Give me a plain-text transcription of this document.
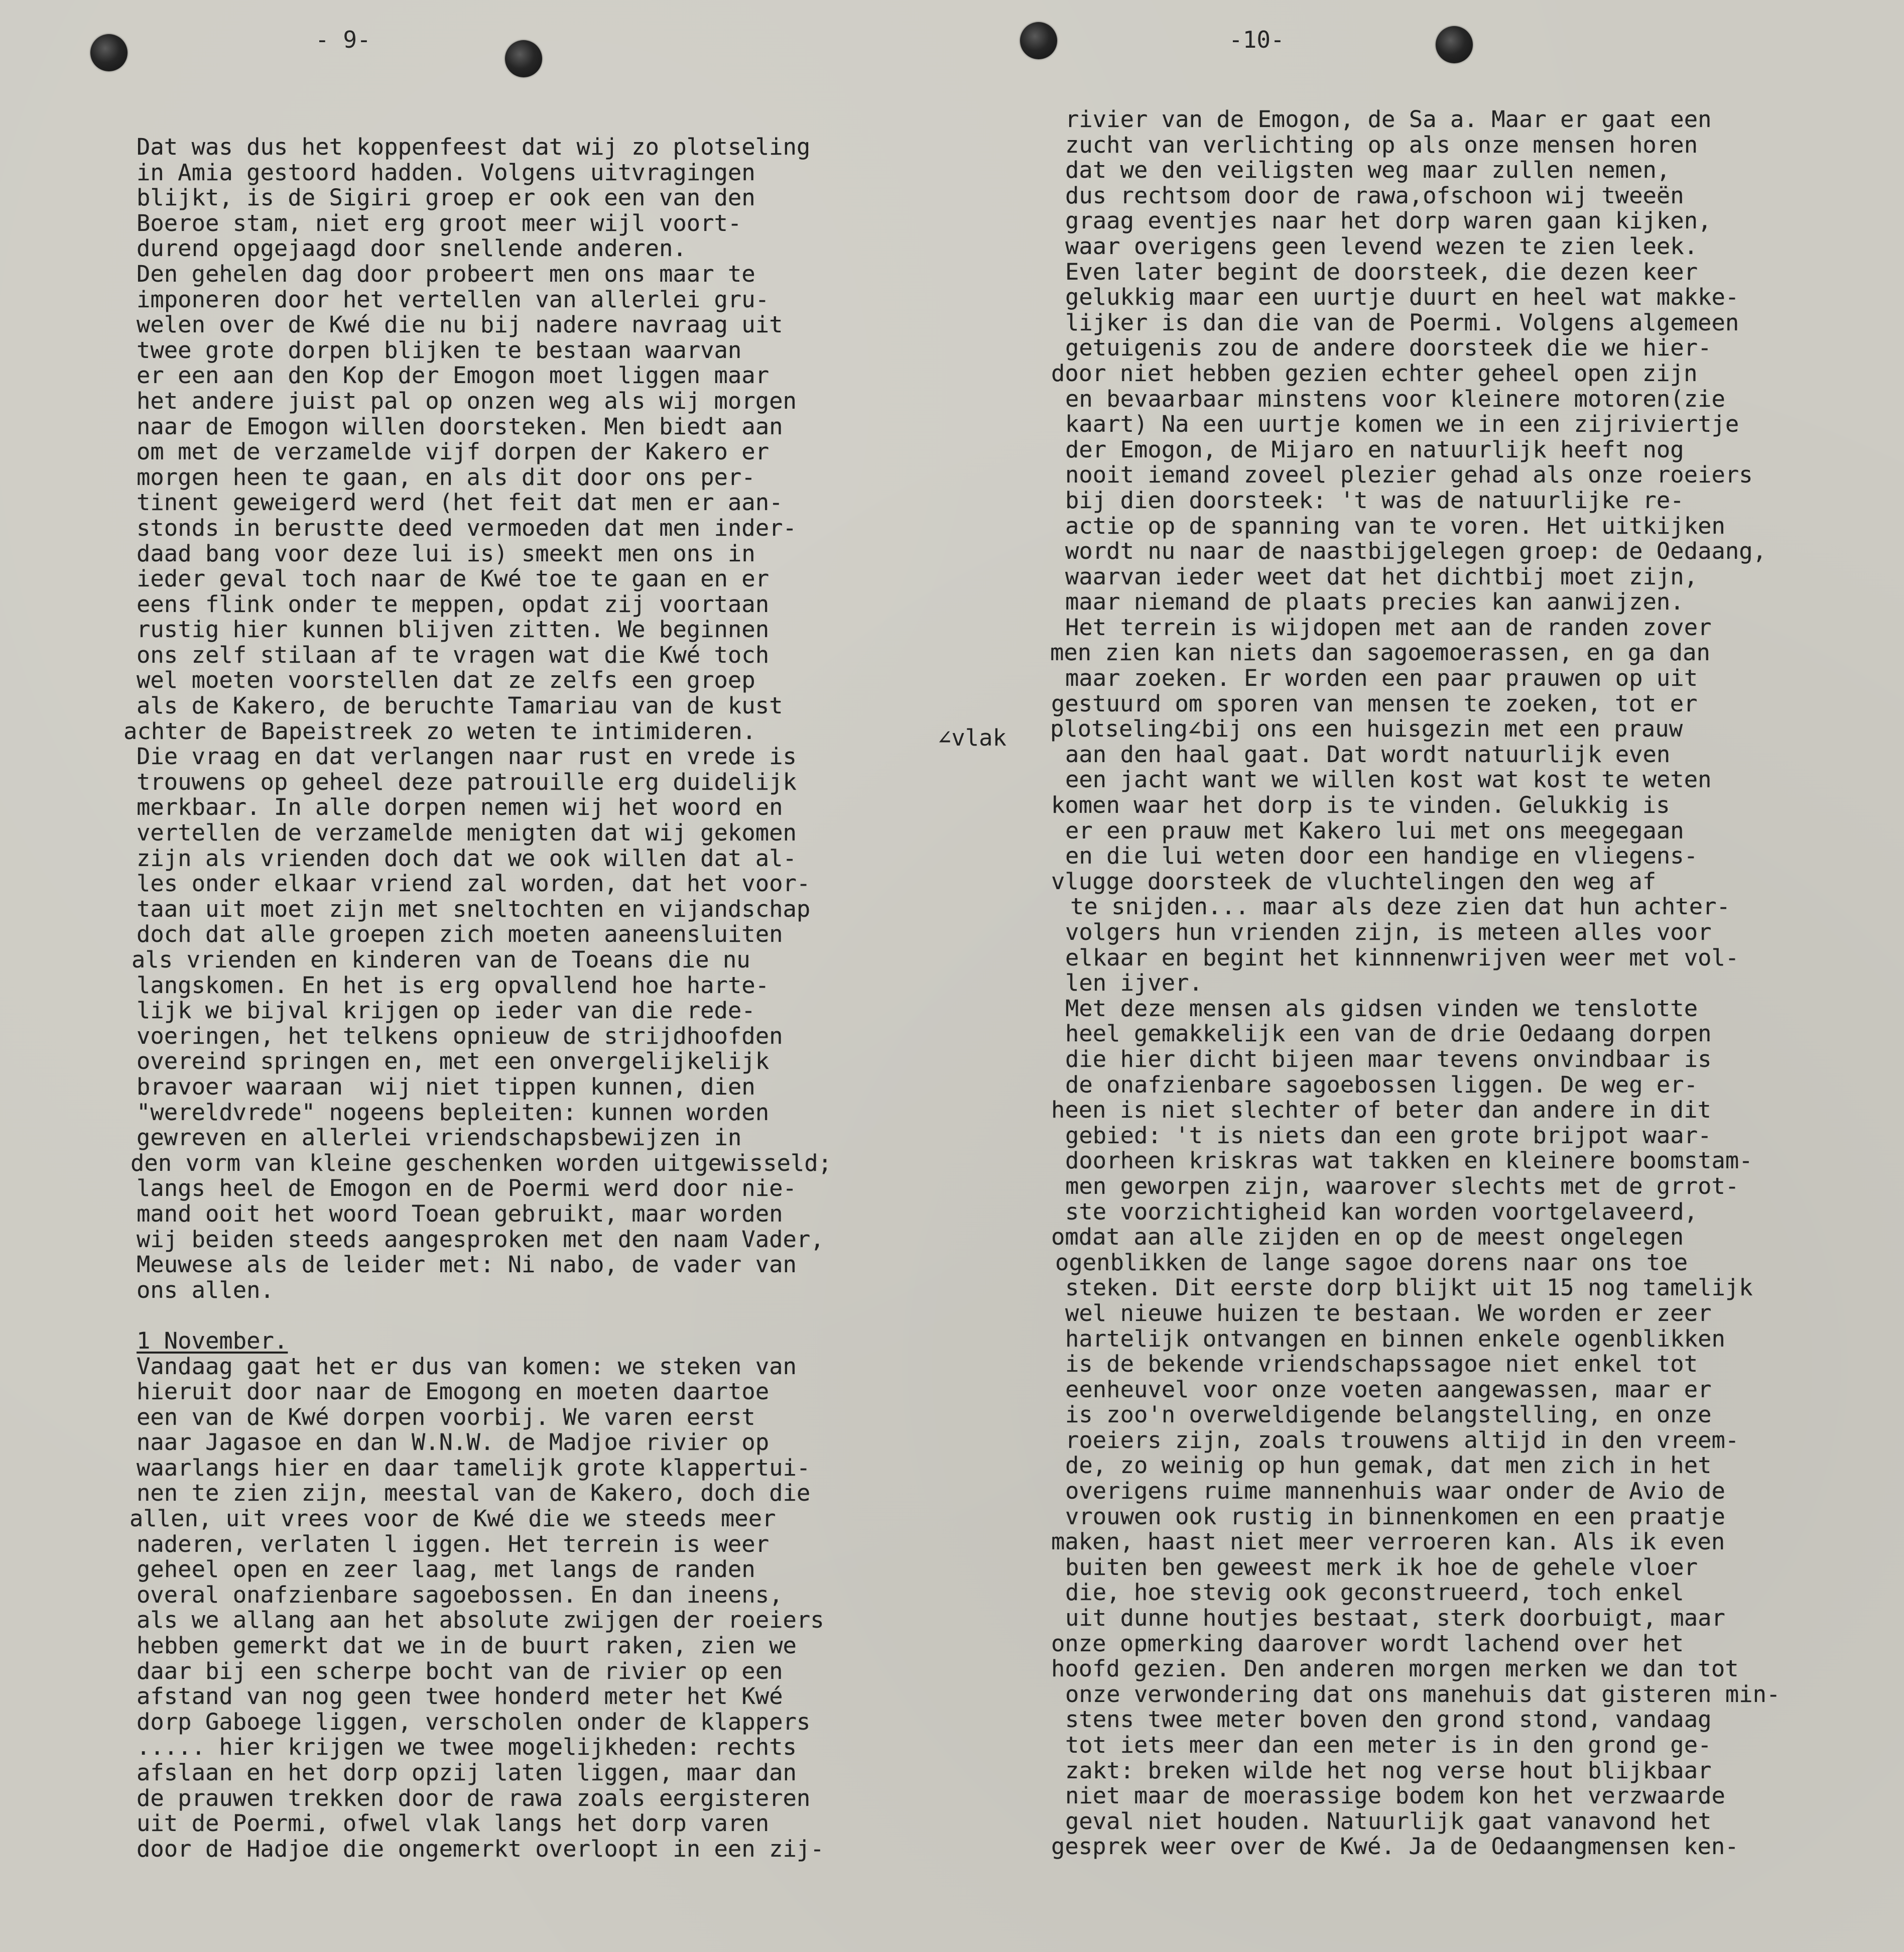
- 9-	-10-
Dat was dus het koppenfeest dat wij zo plotseling
in Amia gestoord hadden. Volgens uitvragingen
blijkt, is de Sigiri groep er ook een van den
Boeroe stam, niet erg groot meer wijl voort-
durend opgejaagd door snellende anderen.
Den gehelen dag door probeert men ons maar te
imponeren door het vertellen van allerlei gru-
welen over de Kwé die nu bij nadere navraag uit
twee grote dorpen blijken te bestaan waarvan
er een aan den Kop der Emogon moet liggen maar
het andere juist pal op onzen weg als wij morgen
naar de Emogon willen doorsteken. Men biedt aan
om met de verzamelde vijf dorpen der Kakero er
morgen heen te gaan, en als dit door ons per-
tinent geweigerd werd (het feit dat men er aan-
stonds in berustte deed vermoeden dat men inder-
daad bang voor deze lui is) smeekt men ons in
ieder geval toch naar de Kwé toe te gaan en er
eens flink onder te meppen, opdat zij voortaan
rustig hier kunnen blijven zitten. We beginnen
ons zelf stilaan af te vragen wat die Kwé toch
wel moeten voorstellen dat ze zelfs een groep
als de Kakero, de beruchte Tamariau van de kust
achter de Bapeistreek zo weten te intimideren.
Die vraag en dat verlangen naar rust en vrede is
trouwens op geheel deze patrouille erg duidelijk
merkbaar. In alle dorpen nemen wij het woord en
vertellen de verzamelde menigten dat wij gekomen
zijn als vrienden doch dat we ook willen dat al-
les onder elkaar vriend zal worden, dat het voor-
taan uit moet zijn met sneltochten en vijandschap
doch dat alle groepen zich moeten aaneensluiten
als vrienden en kinderen van de Toeans die nu
langskomen. En het is erg opvallend hoe harte-
lijk we bijval krijgen op ieder van die rede-
voeringen, het telkens opnieuw de strijdhoofden
overeind springen en, met een onvergelijkelijk
bravoer waaraan  wij niet tippen kunnen, dien
"wereldvrede" nogeens bepleiten: kunnen worden
gewreven en allerlei vriendschapsbewijzen in
den vorm van kleine geschenken worden uitgewisseld;
langs heel de Emogon en de Poermi werd door nie-
mand ooit het woord Toean gebruikt, maar worden
wij beiden steeds aangesproken met den naam Vader,
Meuwese als de leider met: Ni nabo, de vader van
ons allen.
1 November.
Vandaag gaat het er dus van komen: we steken van
hieruit door naar de Emogong en moeten daartoe
een van de Kwé dorpen voorbij. We varen eerst
naar Jagasoe en dan W.N.W. de Madjoe rivier op
waarlangs hier en daar tamelijk grote klappertui-
nen te zien zijn, meestal van de Kakero, doch die
allen, uit vrees voor de Kwé die we steeds meer
naderen, verlaten l iggen. Het terrein is weer
geheel open en zeer laag, met langs de randen
overal onafzienbare sagoebossen. En dan ineens,
als we allang aan het absolute zwijgen der roeiers
hebben gemerkt dat we in de buurt raken, zien we
daar bij een scherpe bocht van de rivier op een
afstand van nog geen twee honderd meter het Kwé
dorp Gaboege liggen, verscholen onder de klappers
..... hier krijgen we twee mogelijkheden: rechts
afslaan en het dorp opzij laten liggen, maar dan
de prauwen trekken door de rawa zoals eergisteren
uit de Poermi, ofwel vlak langs het dorp varen
door de Hadjoe die ongemerkt overloopt in een zij-
rivier van de Emogon, de Sa a. Maar er gaat een
zucht van verlichting op als onze mensen horen
dat we den veiligsten weg maar zullen nemen,
dus rechtsom door de rawa,ofschoon wij tweeën
graag eventjes naar het dorp waren gaan kijken,
waar overigens geen levend wezen te zien leek.
Even later begint de doorsteek, die dezen keer
gelukkig maar een uurtje duurt en heel wat makke-
lijker is dan die van de Poermi. Volgens algemeen
getuigenis zou de andere doorsteek die we hier-
door niet hebben gezien echter geheel open zijn
en bevaarbaar minstens voor kleinere motoren(zie
kaart) Na een uurtje komen we in een zijriviertje
der Emogon, de Mijaro en natuurlijk heeft nog
nooit iemand zoveel plezier gehad als onze roeiers
bij dien doorsteek: 't was de natuurlijke re-
actie op de spanning van te voren. Het uitkijken
wordt nu naar de naastbijgelegen groep: de Oedaang,
waarvan ieder weet dat het dichtbij moet zijn,
maar niemand de plaats precies kan aanwijzen.
Het terrein is wijdopen met aan de randen zover
men zien kan niets dan sagoemoerassen, en ga dan
maar zoeken. Er worden een paar prauwen op uit
gestuurd om sporen van mensen te zoeken, tot er
plotseling∠bij ons een huisgezin met een prauw
aan den haal gaat. Dat wordt natuurlijk even
een jacht want we willen kost wat kost te weten
komen waar het dorp is te vinden. Gelukkig is
er een prauw met Kakero lui met ons meegegaan
en die lui weten door een handige en vliegens-
vlugge doorsteek de vluchtelingen den weg af
te snijden... maar als deze zien dat hun achter-
volgers hun vrienden zijn, is meteen alles voor
elkaar en begint het kinnnenwrijven weer met vol-
len ijver.
Met deze mensen als gidsen vinden we tenslotte
heel gemakkelijk een van de drie Oedaang dorpen
die hier dicht bijeen maar tevens onvindbaar is
de onafzienbare sagoebossen liggen. De weg er-
heen is niet slechter of beter dan andere in dit
gebied: 't is niets dan een grote brijpot waar-
doorheen kriskras wat takken en kleinere boomstam-
men geworpen zijn, waarover slechts met de grrot-
ste voorzichtigheid kan worden voortgelaveerd,
omdat aan alle zijden en op de meest ongelegen
ogenblikken de lange sagoe dorens naar ons toe
steken. Dit eerste dorp blijkt uit 15 nog tamelijk
wel nieuwe huizen te bestaan. We worden er zeer
hartelijk ontvangen en binnen enkele ogenblikken
is de bekende vriendschapssagoe niet enkel tot
eenheuvel voor onze voeten aangewassen, maar er
is zoo'n overweldigende belangstelling, en onze
roeiers zijn, zoals trouwens altijd in den vreem-
de, zo weinig op hun gemak, dat men zich in het
overigens ruime mannenhuis waar onder de Avio de
vrouwen ook rustig in binnenkomen en een praatje
maken, haast niet meer verroeren kan. Als ik even
buiten ben geweest merk ik hoe de gehele vloer
die, hoe stevig ook geconstrueerd, toch enkel
uit dunne houtjes bestaat, sterk doorbuigt, maar
onze opmerking daarover wordt lachend over het
hoofd gezien. Den anderen morgen merken we dan tot
onze verwondering dat ons manehuis dat gisteren min-
stens twee meter boven den grond stond, vandaag
tot iets meer dan een meter is in den grond ge-
zakt: breken wilde het nog verse hout blijkbaar
niet maar de moerassige bodem kon het verzwaarde
geval niet houden. Natuurlijk gaat vanavond het
gesprek weer over de Kwé. Ja de Oedaangmensen ken-
∠vlak
